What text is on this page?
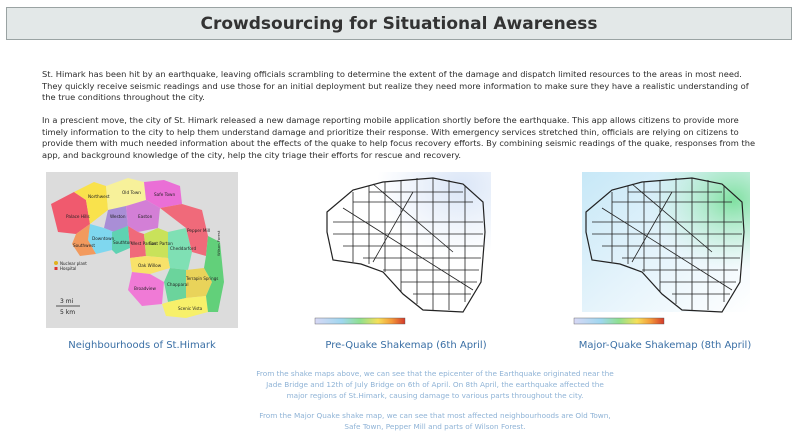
Crowdsourcing for Situational Awareness
St. Himark has been hit by an earthquake, leaving officials scrambling to determine the extent of the damage and dispatch limited resources to the areas in most need. They quickly receive seismic readings and use those for an initial deployment but realize they need more information to make sure they have a realistic understanding of the true conditions throughout the city.
In a prescient move, the city of St. Himark released a new damage reporting mobile application shortly before the earthquake. This app allows citizens to provide more timely information to the city to help them understand damage and prioritize their response. With emergency services stretched thin, officials are relying on citizens to provide them with much needed information about the effects of the quake to help focus recovery efforts. By combining seismic readings of the quake, responses from the app, and background knowledge of the city, help the city triage their efforts for rescue and recovery.
Palace Hills
Northwest
Old Town	Safe Town
Weston	Easton
Downtown
Southton
Southwest	West Parton
East Parton
Pepper Mill
Cheddarford
Oak Willow
Broadview
Chapparal
Terrapin Springs
Scenic Vista
Wilson Forest
Nuclear plant
Hospital
3 mi
5 km
Neighbourhoods of St.Himark	Pre-Quake Shakemap (6th April)	Major-Quake Shakemap (8th April)
From the shake maps above, we can see that the epicenter of the Earthquake originated near the Jade Bridge and 12th of July Bridge on 6th of April. On 8th April, the earthquake affected the major regions of St.Himark, causing damage to various parts throughout the city.
From the Major Quake shake map, we can see that most affected neighbourhoods are Old Town, Safe Town, Pepper Mill and parts of Wilson Forest.
